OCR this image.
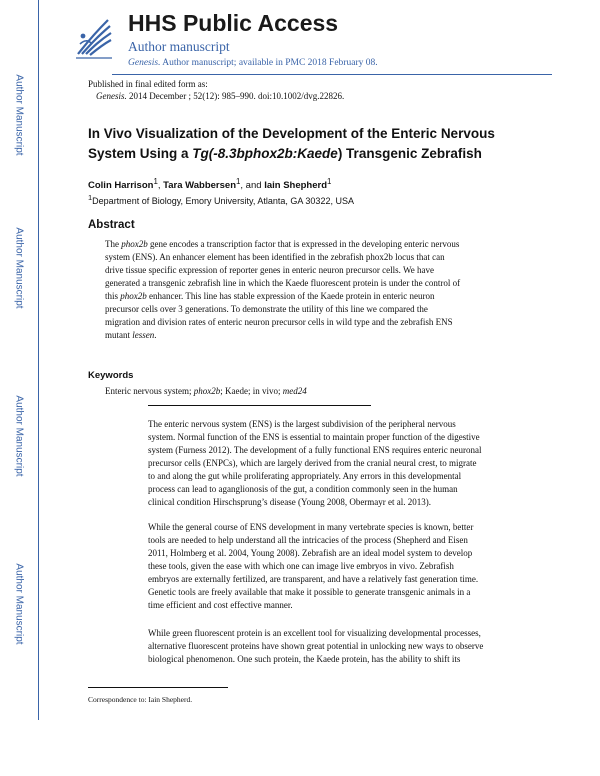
Author Manuscript
Author Manuscript
Author Manuscript
Author Manuscript
HHS Public Access
Author manuscript
Genesis. Author manuscript; available in PMC 2018 February 08.
Published in final edited form as:
Genesis. 2014 December ; 52(12): 985–990. doi:10.1002/dvg.22826.
In Vivo Visualization of the Development of the Enteric Nervous
System Using a Tg(-8.3bphox2b:Kaede) Transgenic Zebrafish
Colin Harrison$^1$, Tara Wabbersen$^1$, and Iain Shepherd$^1$
$^1$Department of Biology, Emory University, Atlanta, GA 30322, USA
Abstract
The phox2b gene encodes a transcription factor that is expressed in the developing enteric nervous
system (ENS). An enhancer element has been identified in the zebrafish phox2b locus that can
drive tissue specific expression of reporter genes in enteric neuron precursor cells. We have
generated a transgenic zebrafish line in which the Kaede fluorescent protein is under the control of
this phox2b enhancer. This line has stable expression of the Kaede protein in enteric neuron
precursor cells over 3 generations. To demonstrate the utility of this line we compared the
migration and division rates of enteric neuron precursor cells in wild type and the zebrafish ENS
mutant lessen.
Keywords
Enteric nervous system; phox2b; Kaede; in vivo; med24
The enteric nervous system (ENS) is the largest subdivision of the peripheral nervous
system. Normal function of the ENS is essential to maintain proper function of the digestive
system (Furness 2012). The development of a fully functional ENS requires enteric neuronal
precursor cells (ENPCs), which are largely derived from the cranial neural crest, to migrate
to and along the gut while proliferating appropriately. Any errors in this developmental
process can lead to aganglionosis of the gut, a condition commonly seen in the human
clinical condition Hirschsprung’s disease (Young 2008, Obermayr et al. 2013).
While the general course of ENS development in many vertebrate species is known, better
tools are needed to help understand all the intricacies of the process (Shepherd and Eisen
2011, Holmberg et al. 2004, Young 2008). Zebrafish are an ideal model system to develop
these tools, given the ease with which one can image live embryos in vivo. Zebrafish
embryos are externally fertilized, are transparent, and have a relatively fast generation time.
Genetic tools are freely available that make it possible to generate transgenic animals in a
time efficient and cost effective manner.
While green fluorescent protein is an excellent tool for visualizing developmental processes,
alternative fluorescent proteins have shown great potential in unlocking new ways to observe
biological phenomenon. One such protein, the Kaede protein, has the ability to shift its
Correspondence to: Iain Shepherd.
